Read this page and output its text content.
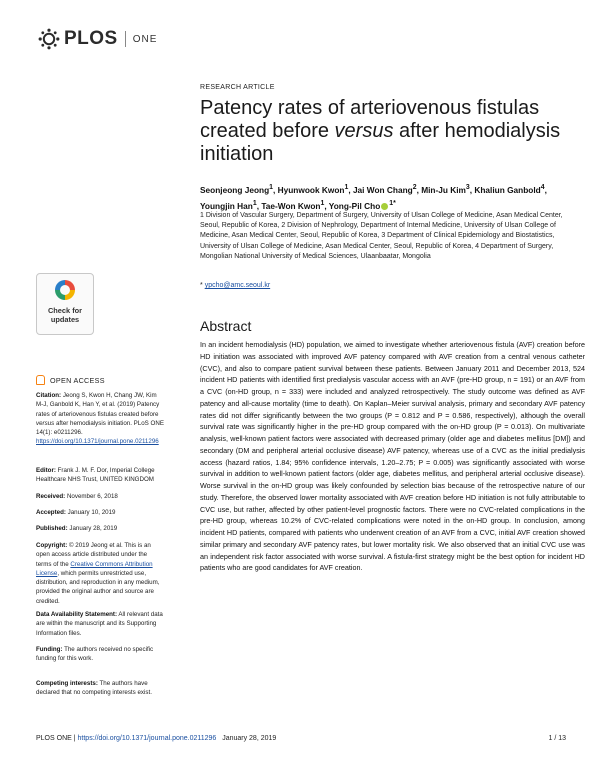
PLOS ONE
RESEARCH ARTICLE
Patency rates of arteriovenous fistulas created before versus after hemodialysis initiation
Seonjeong Jeong$^1$, Hyunwook Kwon$^1$, Jai Won Chang$^2$, Min-Ju Kim$^3$, Khaliun Ganbold$^4$, Youngjin Han$^1$, Tae-Won Kwon$^1$, Yong-Pil Cho $^{1*}$
1 Division of Vascular Surgery, Department of Surgery, University of Ulsan College of Medicine, Asan Medical Center, Seoul, Republic of Korea, 2 Division of Nephrology, Department of Internal Medicine, University of Ulsan College of Medicine, Asan Medical Center, Seoul, Republic of Korea, 3 Department of Clinical Epidemiology and Biostatistics, University of Ulsan College of Medicine, Asan Medical Center, Seoul, Republic of Korea, 4 Department of Surgery, Mongolian National University of Medical Sciences, Ulaanbaatar, Mongolia
* ypcho@amc.seoul.kr
Abstract
In an incident hemodialysis (HD) population, we aimed to investigate whether arteriovenous fistula (AVF) creation before HD initiation was associated with improved AVF patency compared with AVF creation from a central venous catheter (CVC), and also to compare patient survival between these patients. Between January 2011 and December 2013, 524 incident HD patients with identified first predialysis vascular access with an AVF (pre-HD group, n = 191) or an AVF from a CVC (on-HD group, n = 333) were included and analyzed retrospectively. The study outcome was defined as AVF patency and all-cause mortality (time to death). On Kaplan–Meier survival analysis, primary and secondary AVF patency rates did not differ significantly between the two groups (P = 0.812 and P = 0.586, respectively), although the overall survival rate was significantly higher in the pre-HD group compared with the on-HD group (P = 0.013). On multivariate analysis, well-known patient factors were associated with decreased primary (older age and diabetes mellitus [DM]) and secondary (DM and peripheral arterial occlusive disease) AVF patency, whereas use of a CVC as the initial predialysis access (hazard ratios, 1.84; 95% confidence intervals, 1.20–2.75; P = 0.005) was significantly associated with worse survival in addition to well-known patient factors (older age, diabetes mellitus, and peripheral arterial occlusive disease). Worse survival in the on-HD group was likely confounded by selection bias because of the retrospective nature of our study. Therefore, the observed lower mortality associated with AVF creation before HD initiation is not fully attributable to CVC use, but rather, affected by other patient-level prognostic factors. There were no CVC-related complications in the pre-HD group, whereas 10.2% of CVC-related complications were noted in the on-HD group. In conclusion, among incident HD patients, compared with patients who underwent creation of an AVF from a CVC, initial AVF creation showed similar primary and secondary AVF patency rates, but lower mortality risk. We also observed that an initial CVC use was an independent risk factor associated with worse survival. A fistula-first strategy might be the best option for incident HD patients who are good candidates for AVF creation.
Check for
updates
OPEN ACCESS
Citation: Jeong S, Kwon H, Chang JW, Kim M-J, Ganbold K, Han Y, et al. (2019) Patency rates of arteriovenous fistulas created before versus after hemodialysis initiation. PLoS ONE 14(1): e0211296. https://doi.org/10.1371/journal.pone.0211296
Editor: Frank J. M. F. Dor, Imperial College Healthcare NHS Trust, UNITED KINGDOM
Received: November 6, 2018
Accepted: January 10, 2019
Published: January 28, 2019
Copyright: © 2019 Jeong et al. This is an open access article distributed under the terms of the Creative Commons Attribution License, which permits unrestricted use, distribution, and reproduction in any medium, provided the original author and source are credited.
Data Availability Statement: All relevant data are within the manuscript and its Supporting Information files.
Funding: The authors received no specific funding for this work.
Competing interests: The authors have declared that no competing interests exist.
PLOS ONE | https://doi.org/10.1371/journal.pone.0211296 January 28, 2019	1 / 13
